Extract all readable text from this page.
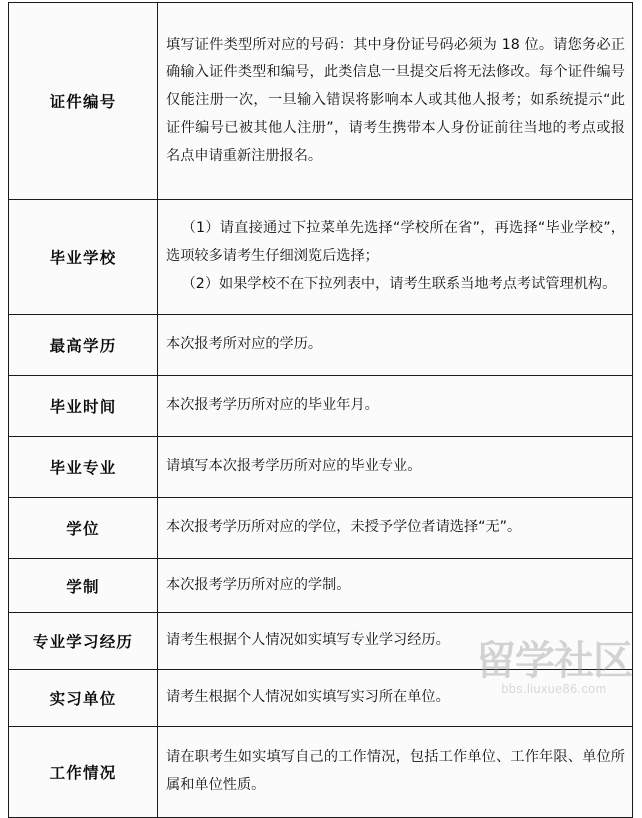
证件编号	填写证件类型所对应的号码：其中身份证号码必须为 18 位。请您务必正确输入证件类型和编号，此类信息一旦提交后将无法修改。每个证件编号仅能注册一次，一旦输入错误将影响本人或其他人报考；如系统提示“此证件编号已被其他人注册”，请考生携带本人身份证前往当地的考点或报名点申请重新注册报名。

毕业学校	（1）请直接通过下拉菜单先选择“学校所在省”，再选择“毕业学校”，选项较多请考生仔细浏览后选择；
（2）如果学校不在下拉列表中，请考生联系当地考点考试管理机构。

最高学历	本次报考所对应的学历。

毕业时间	本次报考学历所对应的毕业年月。

毕业专业	请填写本次报考学历所对应的毕业专业。

学位	本次报考学历所对应的学位，未授予学位者请选择“无”。

学制	本次报考学历所对应的学制。

专业学习经历	请考生根据个人情况如实填写专业学习经历。

实习单位	请考生根据个人情况如实填写实习所在单位。

工作情况	请在职考生如实填写自己的工作情况，包括工作单位、工作年限、单位所属和单位性质。
留学社区
bbs.liuxue86.com
